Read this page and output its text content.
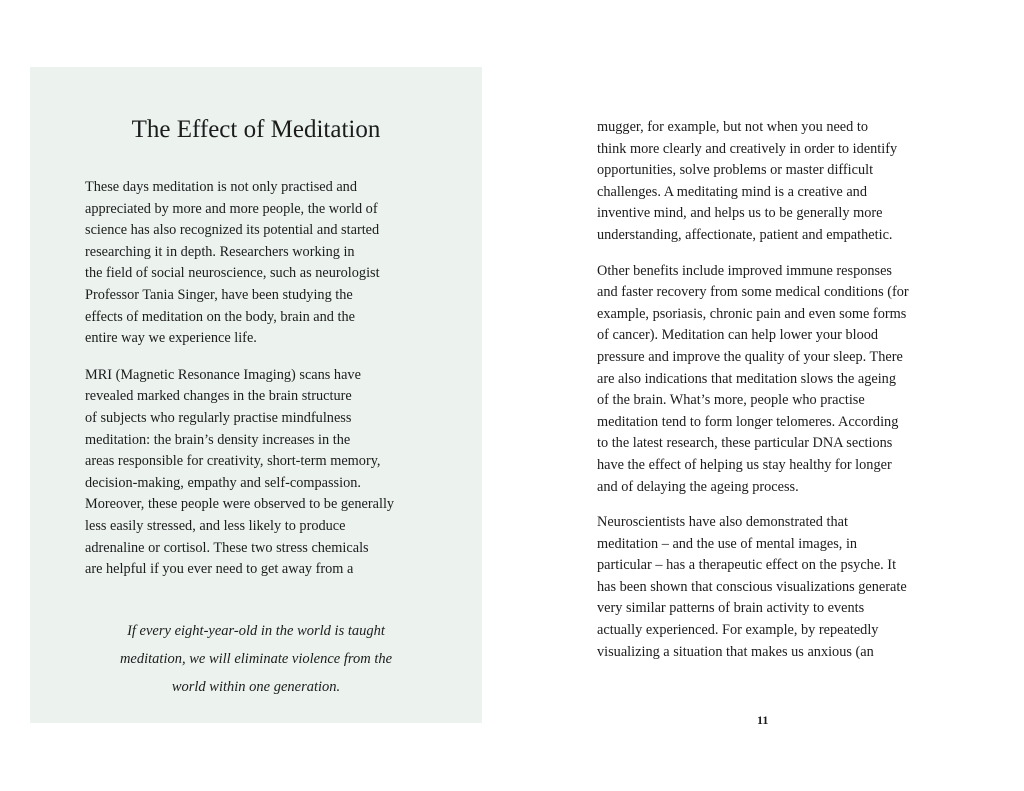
The Effect of Meditation

These days meditation is not only practised and
appreciated by more and more people, the world of
science has also recognized its potential and started
researching it in depth. Researchers working in
the field of social neuroscience, such as neurologist
Professor Tania Singer, have been studying the
effects of meditation on the body, brain and the
entire way we experience life.

MRI (Magnetic Resonance Imaging) scans have
revealed marked changes in the brain structure
of subjects who regularly practise mindfulness
meditation: the brain’s density increases in the
areas responsible for creativity, short-term memory,
decision-making, empathy and self-compassion.
Moreover, these people were observed to be generally
less easily stressed, and less likely to produce
adrenaline or cortisol. These two stress chemicals
are helpful if you ever need to get away from a

If every eight-year-old in the world is taught
meditation, we will eliminate violence from the
world within one generation.

mugger, for example, but not when you need to
think more clearly and creatively in order to identify
opportunities, solve problems or master difficult
challenges. A meditating mind is a creative and
inventive mind, and helps us to be generally more
understanding, affectionate, patient and empathetic.

Other benefits include improved immune responses
and faster recovery from some medical conditions (for
example, psoriasis, chronic pain and even some forms
of cancer). Meditation can help lower your blood
pressure and improve the quality of your sleep. There
are also indications that meditation slows the ageing
of the brain. What’s more, people who practise
meditation tend to form longer telomeres. According
to the latest research, these particular DNA sections
have the effect of helping us stay healthy for longer
and of delaying the ageing process.

Neuroscientists have also demonstrated that
meditation – and the use of mental images, in
particular – has a therapeutic effect on the psyche. It
has been shown that conscious visualizations generate
very similar patterns of brain activity to events
actually experienced. For example, by repeatedly
visualizing a situation that makes us anxious (an

11
